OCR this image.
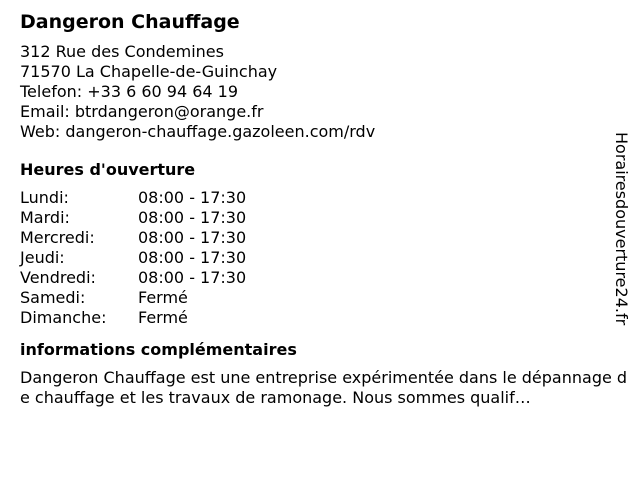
Dangeron Chauffage
312 Rue des Condemines
71570 La Chapelle-de-Guinchay
Telefon: +33 6 60 94 64 19
Email: btrdangeron@orange.fr
Web: dangeron-chauffage.gazoleen.com/rdv
Heures d'ouverture
Lundi:	08:00 - 17:30
Mardi:	08:00 - 17:30
Mercredi:	08:00 - 17:30
Jeudi:	08:00 - 17:30
Vendredi:	08:00 - 17:30
Samedi:	Fermé
Dimanche:	Fermé
informations complémentaires
Dangeron Chauffage est une entreprise expérimentée dans le dépannage de chauffage et les travaux de ramonage. Nous sommes qualif…
Horairesdouverture24.fr
